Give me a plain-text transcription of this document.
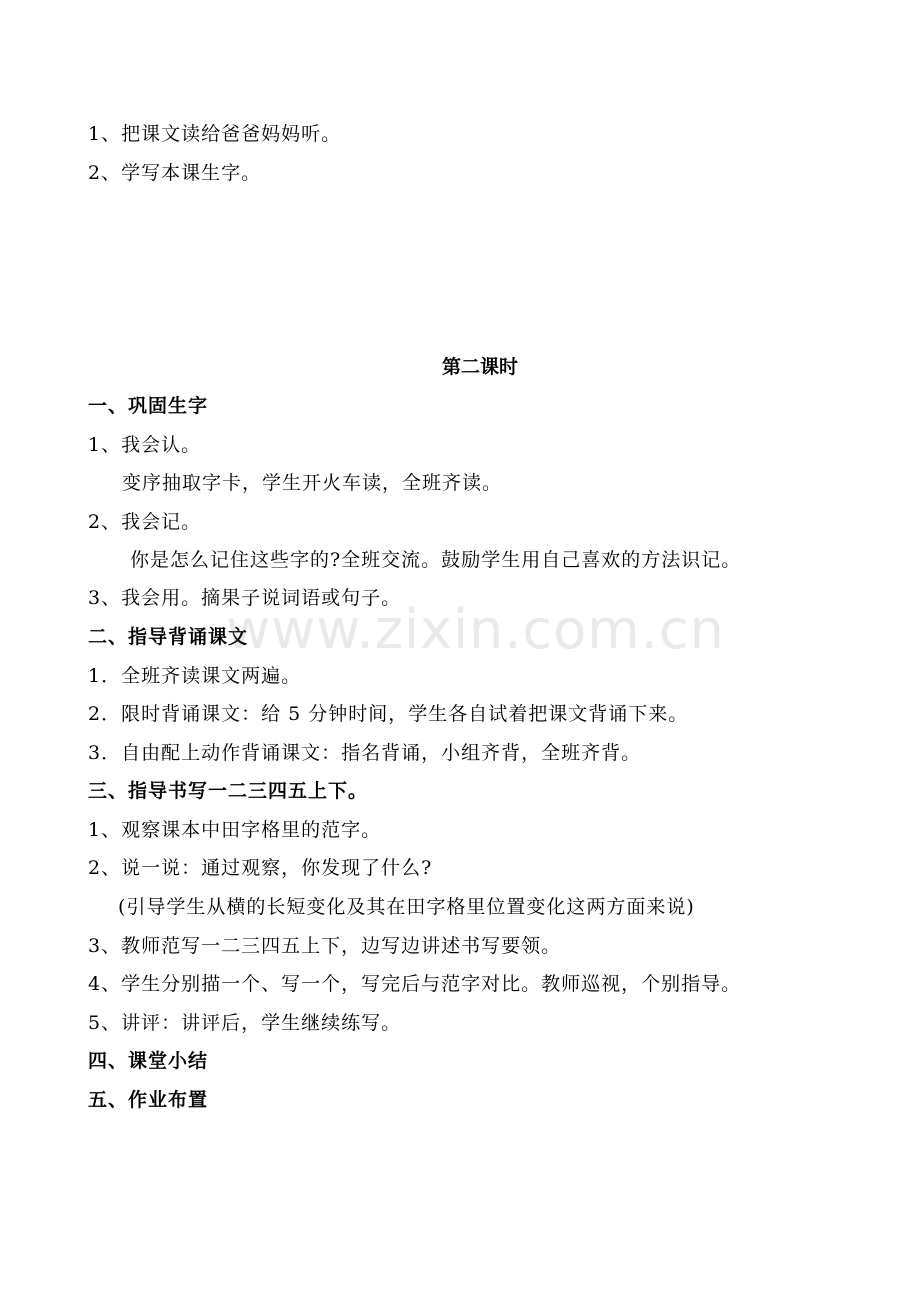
1、把课文读给爸爸妈妈听。
2、学写本课生字。
第二课时
一、巩固生字
1、我会认。
变序抽取字卡，学生开火车读，全班齐读。
2、我会记。
你是怎么记住这些字的?全班交流。鼓励学生用自己喜欢的方法识记。
3、我会用。摘果子说词语或句子。
二、指导背诵课文
1．全班齐读课文两遍。
2．限时背诵课文：给 5 分钟时间，学生各自试着把课文背诵下来。
3．自由配上动作背诵课文：指名背诵，小组齐背，全班齐背。
三、指导书写一二三四五上下。
1、观察课本中田字格里的范字。
2、说一说：通过观察，你发现了什么?
(引导学生从横的长短变化及其在田字格里位置变化这两方面来说)
3、教师范写一二三四五上下，边写边讲述书写要领。
4、学生分别描一个、写一个，写完后与范字对比。教师巡视，个别指导。
5、讲评：讲评后，学生继续练写。
四、课堂小结
五、作业布置
www.zixin.com.cn
